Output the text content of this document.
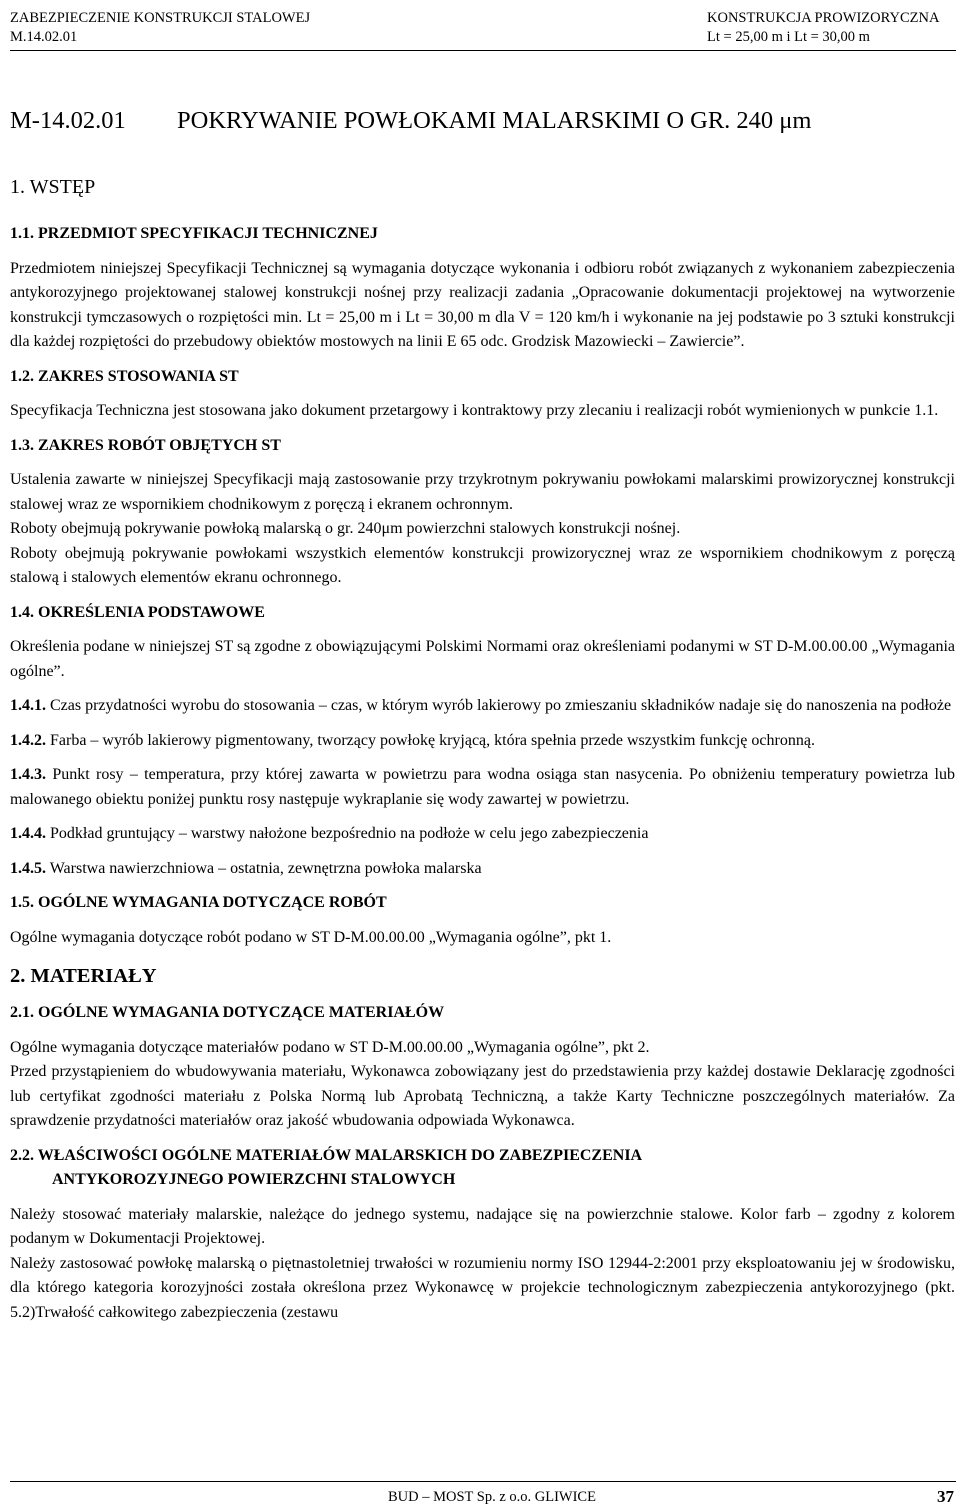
ZABEZPIECZENIE KONSTRUKCJI STALOWEJ
M.14.02.01
KONSTRUKCJA PROWIZORYCZNA
Lt = 25,00 m i Lt = 30,00 m
M-14.02.01 POKRYWANIE POWŁOKAMI MALARSKIMI O GR. 240 μm
1. WSTĘP

1.1. PRZEDMIOT SPECYFIKACJI TECHNICZNEJ

Przedmiotem niniejszej Specyfikacji Technicznej są wymagania dotyczące wykonania i odbioru robót związanych z wykonaniem zabezpieczenia antykorozyjnego projektowanej stalowej konstrukcji nośnej przy realizacji zadania „Opracowanie dokumentacji projektowej na wytworzenie konstrukcji tymczasowych o rozpiętości min. Lt = 25,00 m i Lt = 30,00 m dla V = 120 km/h i wykonanie na jej podstawie po 3 sztuki konstrukcji dla każdej rozpiętości do przebudowy obiektów mostowych na linii E 65 odc. Grodzisk Mazowiecki – Zawiercie”.

1.2. ZAKRES STOSOWANIA ST

Specyfikacja Techniczna jest stosowana jako dokument przetargowy i kontraktowy przy zlecaniu i realizacji robót wymienionych w punkcie 1.1.

1.3. ZAKRES ROBÓT OBJĘTYCH ST

Ustalenia zawarte w niniejszej Specyfikacji mają zastosowanie przy trzykrotnym pokrywaniu powłokami malarskimi prowizorycznej konstrukcji stalowej wraz ze wspornikiem chodnikowym z poręczą i ekranem ochronnym.

Roboty obejmują pokrywanie powłoką malarską o gr. 240μm powierzchni stalowych konstrukcji nośnej.

Roboty obejmują pokrywanie powłokami wszystkich elementów konstrukcji prowizorycznej wraz ze wspornikiem chodnikowym z poręczą stalową i stalowych elementów ekranu ochronnego.

1.4. OKREŚLENIA PODSTAWOWE

Określenia podane w niniejszej ST są zgodne z obowiązującymi Polskimi Normami oraz określeniami podanymi w ST D-M.00.00.00 „Wymagania ogólne”.

1.4.1. Czas przydatności wyrobu do stosowania – czas, w którym wyrób lakierowy po zmieszaniu składników nadaje się do nanoszenia na podłoże

1.4.2. Farba – wyrób lakierowy pigmentowany, tworzący powłokę kryjącą, która spełnia przede wszystkim funkcję ochronną.

1.4.3. Punkt rosy – temperatura, przy której zawarta w powietrzu para wodna osiąga stan nasycenia. Po obniżeniu temperatury powietrza lub malowanego obiektu poniżej punktu rosy następuje wykraplanie się wody zawartej w powietrzu.

1.4.4. Podkład gruntujący – warstwy nałożone bezpośrednio na podłoże w celu jego zabezpieczenia

1.4.5. Warstwa nawierzchniowa – ostatnia, zewnętrzna powłoka malarska

1.5. OGÓLNE WYMAGANIA DOTYCZĄCE ROBÓT

Ogólne wymagania dotyczące robót podano w ST D-M.00.00.00 „Wymagania ogólne”, pkt 1.

2. MATERIAŁY

2.1. OGÓLNE WYMAGANIA DOTYCZĄCE MATERIAŁÓW

Ogólne wymagania dotyczące materiałów podano w ST D-M.00.00.00 „Wymagania ogólne”, pkt 2.

Przed przystąpieniem do wbudowywania materiału, Wykonawca zobowiązany jest do przedstawienia przy każdej dostawie Deklarację zgodności lub certyfikat zgodności materiału z Polska Normą lub Aprobatą Techniczną, a także Karty Techniczne poszczególnych materiałów. Za sprawdzenie przydatności materiałów oraz jakość wbudowania odpowiada Wykonawca.

2.2. WŁAŚCIWOŚCI OGÓLNE MATERIAŁÓW MALARSKICH DO ZABEZPIECZENIA

ANTYKOROZYJNEGO POWIERZCHNI STALOWYCH

Należy stosować materiały malarskie, należące do jednego systemu, nadające się na powierzchnie stalowe. Kolor farb – zgodny z kolorem podanym w Dokumentacji Projektowej.

Należy zastosować powłokę malarską o piętnastoletniej trwałości w rozumieniu normy ISO 12944-2:2001 przy eksploatowaniu jej w środowisku, dla którego kategoria korozyjności została określona przez Wykonawcę w projekcie technologicznym zabezpieczenia antykorozyjnego (pkt. 5.2)Trwałość całkowitego zabezpieczenia (zestawu

BUD – MOST Sp. z o.o. GLIWICE	37
